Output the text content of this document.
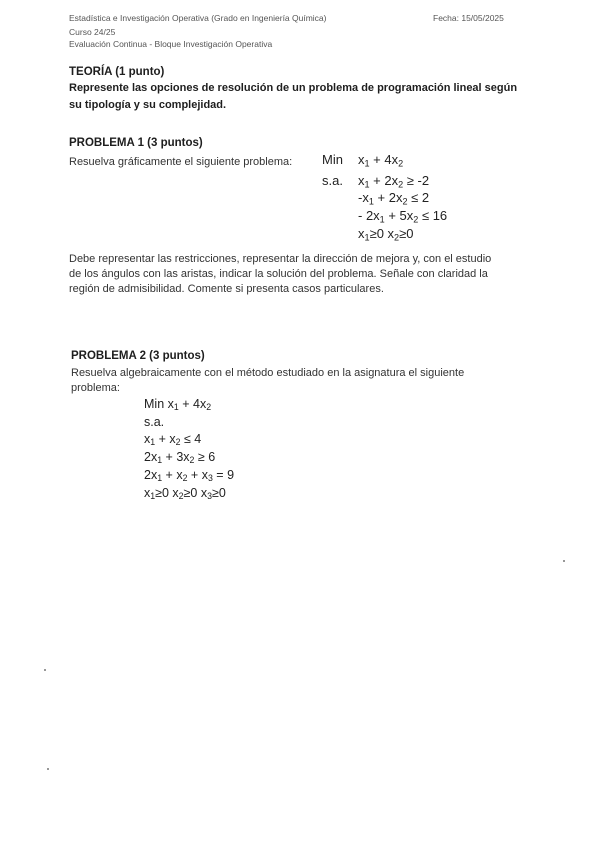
Estadística e Investigación Operativa (Grado en Ingeniería Química)	Fecha: 15/05/2025
Curso 24/25
Evaluación Continua - Bloque Investigación Operativa
TEORÍA (1 punto)
Represente las opciones de resolución de un problema de programación lineal según
su tipología y su complejidad.
PROBLEMA 1 (3 puntos)
Resuelva gráficamente el siguiente problema: Min $x_1 + 4x_2$
s.a. $x_1 + 2x_2 \ge -2$
$-x_1 + 2x_2 \le 2$
- $2x_1 + 5x_2 \le 16$
$x_1\ge 0$ $x_2\ge 0$
Debe representar las restricciones, representar la dirección de mejora y, con el estudio
de los ángulos con las aristas, indicar la solución del problema. Señale con claridad la
región de admisibilidad. Comente si presenta casos particulares.
PROBLEMA 2 (3 puntos)
Resuelva algebraicamente con el método estudiado en la asignatura el siguiente
problema:
Min $x_1 + 4x_2$
s.a.
$x_1 + x_2 \le 4$
$2x_1 + 3x_2 \ge 6$
$2x_1 + x_2 + x_3 = 9$
$x_1\ge 0$ $x_2\ge 0$ $x_3\ge 0$
